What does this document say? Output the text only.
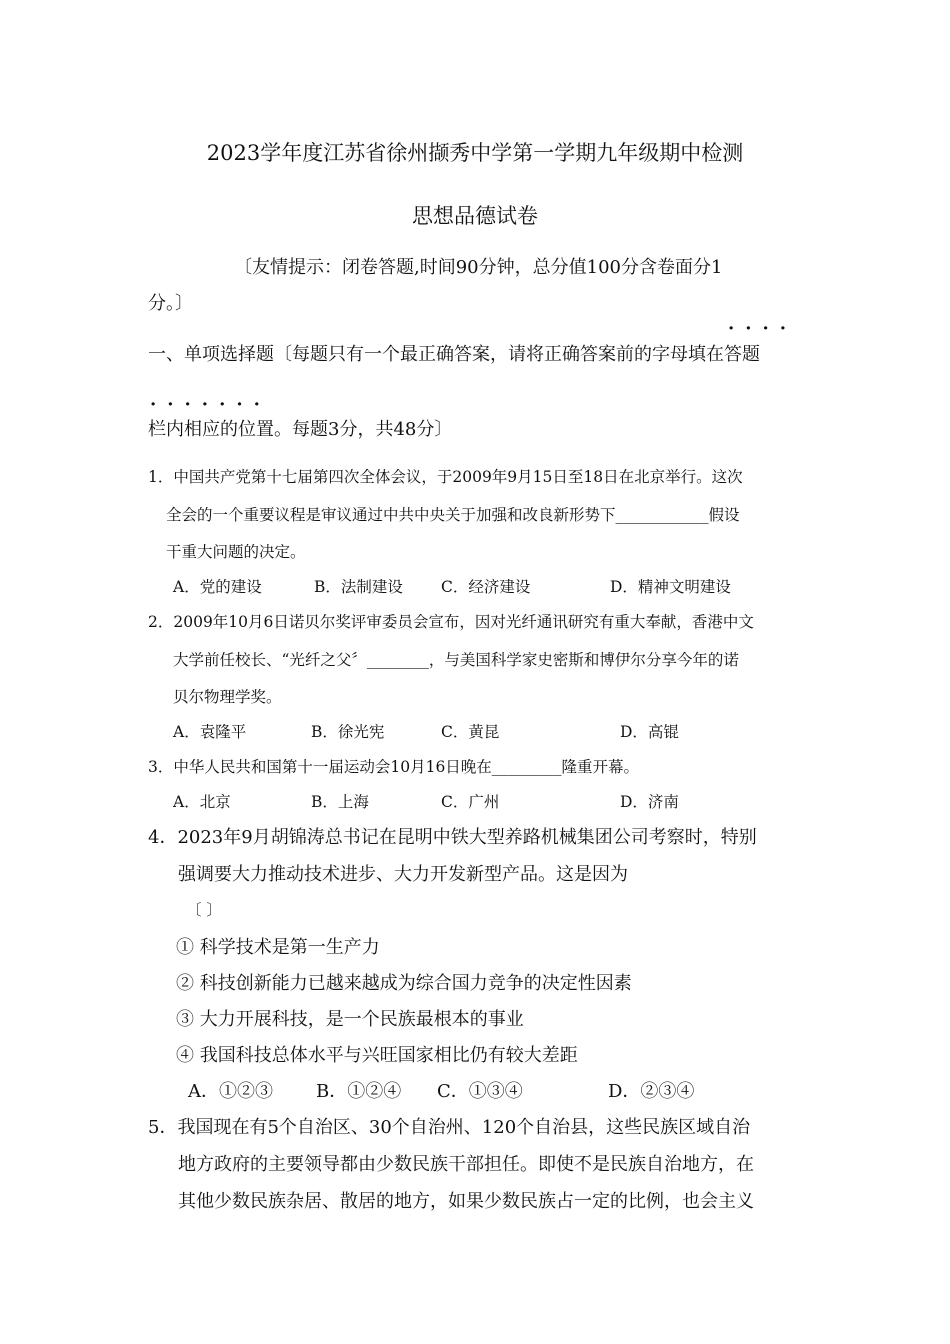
2023学年度江苏省徐州撷秀中学第一学期九年级期中检测
思想品德试卷
〔友情提示：闭卷答题,时间90分钟，总分值100分含卷面分1
分。〕
····
一、单项选择题〔每题只有一个最正确答案，请将正确答案前的字母填在答题
·······
栏内相应的位置。每题3分，共48分〕
1．中国共产党第十七届第四次全体会议，于2009年9月15日至18日在北京举行。这次
全会的一个重要议程是审议通过中共中央关于加强和改良新形势下____________假设
干重大问题的决定。
A．党的建设	B．法制建设 C．经济建设	D．精神文明建设
2．2009年10月6日诺贝尔奖评审委员会宣布，因对光纤通讯研究有重大奉献，香港中文
大学前任校长、“光纤之父〞________，与美国科学家史密斯和博伊尔分享今年的诺
贝尔物理学奖。
A．袁隆平	B．徐光宪	C．黄昆	D．高锟
3．中华人民共和国第十一届运动会10月16日晚在_________隆重开幕。
A．北京	B．上海	C．广州	D．济南
4．2023年9月胡锦涛总书记在昆明中铁大型养路机械集团公司考察时，特别
强调要大力推动技术进步、大力开发新型产品。这是因为
〔 〕
① 科学技术是第一生产力
② 科技创新能力已越来越成为综合国力竞争的决定性因素
③ 大力开展科技，是一个民族最根本的事业
④ 我国科技总体水平与兴旺国家相比仍有较大差距
A．①②③ B．①②④ C．①③④	D．②③④
5．我国现在有5个自治区、30个自治州、120个自治县，这些民族区域自治
地方政府的主要领导都由少数民族干部担任。即使不是民族自治地方，在
其他少数民族杂居、散居的地方，如果少数民族占一定的比例，也会主义
